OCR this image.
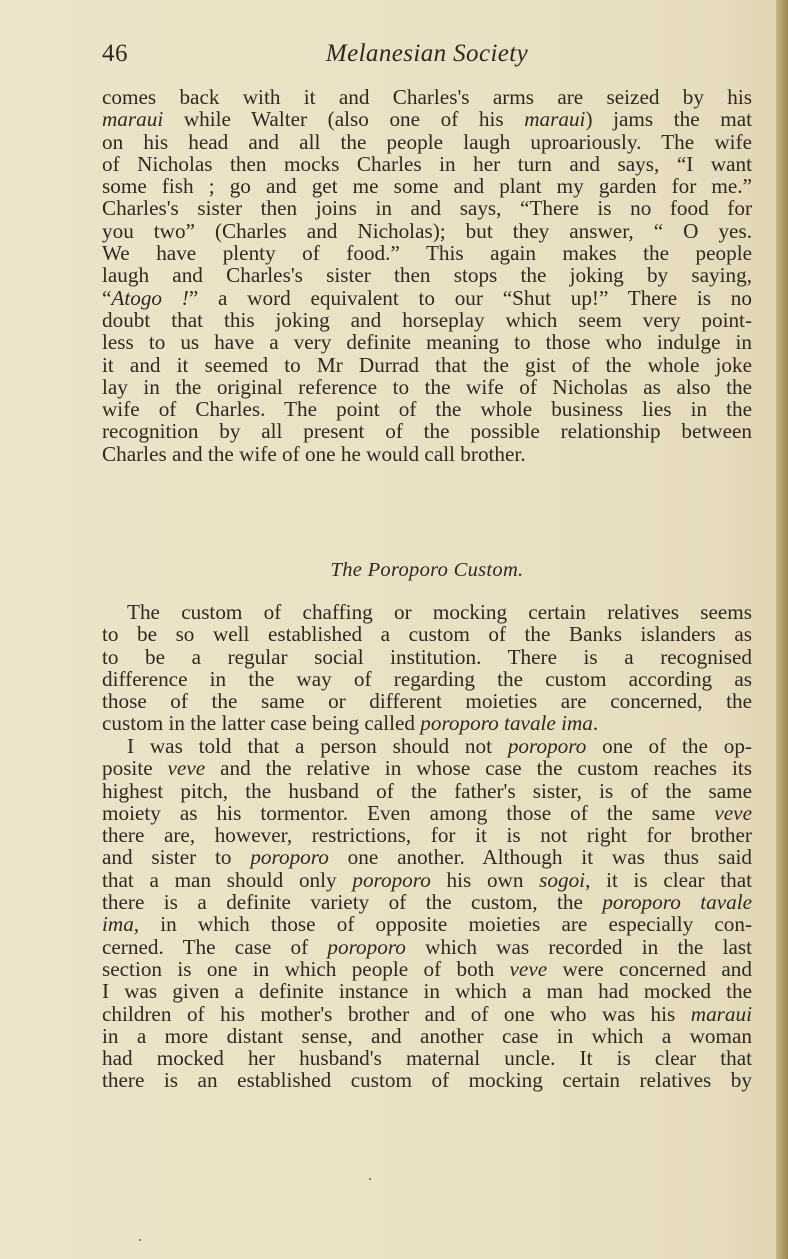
46	Melanesian Society
comes back with it and Charles's arms are seized by his
maraui while Walter (also one of his maraui) jams the mat
on his head and all the people laugh uproariously. The wife
of Nicholas then mocks Charles in her turn and says, “I want
some fish ; go and get me some and plant my garden for me.”
Charles's sister then joins in and says, “There is no food for
you two” (Charles and Nicholas); but they answer, “ O yes.
We have plenty of food.” This again makes the people
laugh and Charles's sister then stops the joking by saying,
“Atogo !” a word equivalent to our “Shut up!” There is no
doubt that this joking and horseplay which seem very point-
less to us have a very definite meaning to those who indulge in
it and it seemed to Mr Durrad that the gist of the whole joke
lay in the original reference to the wife of Nicholas as also the
wife of Charles. The point of the whole business lies in the
recognition by all present of the possible relationship between
Charles and the wife of one he would call brother.
The Poroporo Custom.
The custom of chaffing or mocking certain relatives seems
to be so well established a custom of the Banks islanders as
to be a regular social institution. There is a recognised
difference in the way of regarding the custom according as
those of the same or different moieties are concerned, the
custom in the latter case being called poroporo tavale ima.
I was told that a person should not poroporo one of the op-
posite veve and the relative in whose case the custom reaches its
highest pitch, the husband of the father's sister, is of the same
moiety as his tormentor. Even among those of the same veve
there are, however, restrictions, for it is not right for brother
and sister to poroporo one another. Although it was thus said
that a man should only poroporo his own sogoi, it is clear that
there is a definite variety of the custom, the poroporo tavale
ima, in which those of opposite moieties are especially con-
cerned. The case of poroporo which was recorded in the last
section is one in which people of both veve were concerned and
I was given a definite instance in which a man had mocked the
children of his mother's brother and of one who was his maraui
in a more distant sense, and another case in which a woman
had mocked her husband's maternal uncle. It is clear that
there is an established custom of mocking certain relatives by
